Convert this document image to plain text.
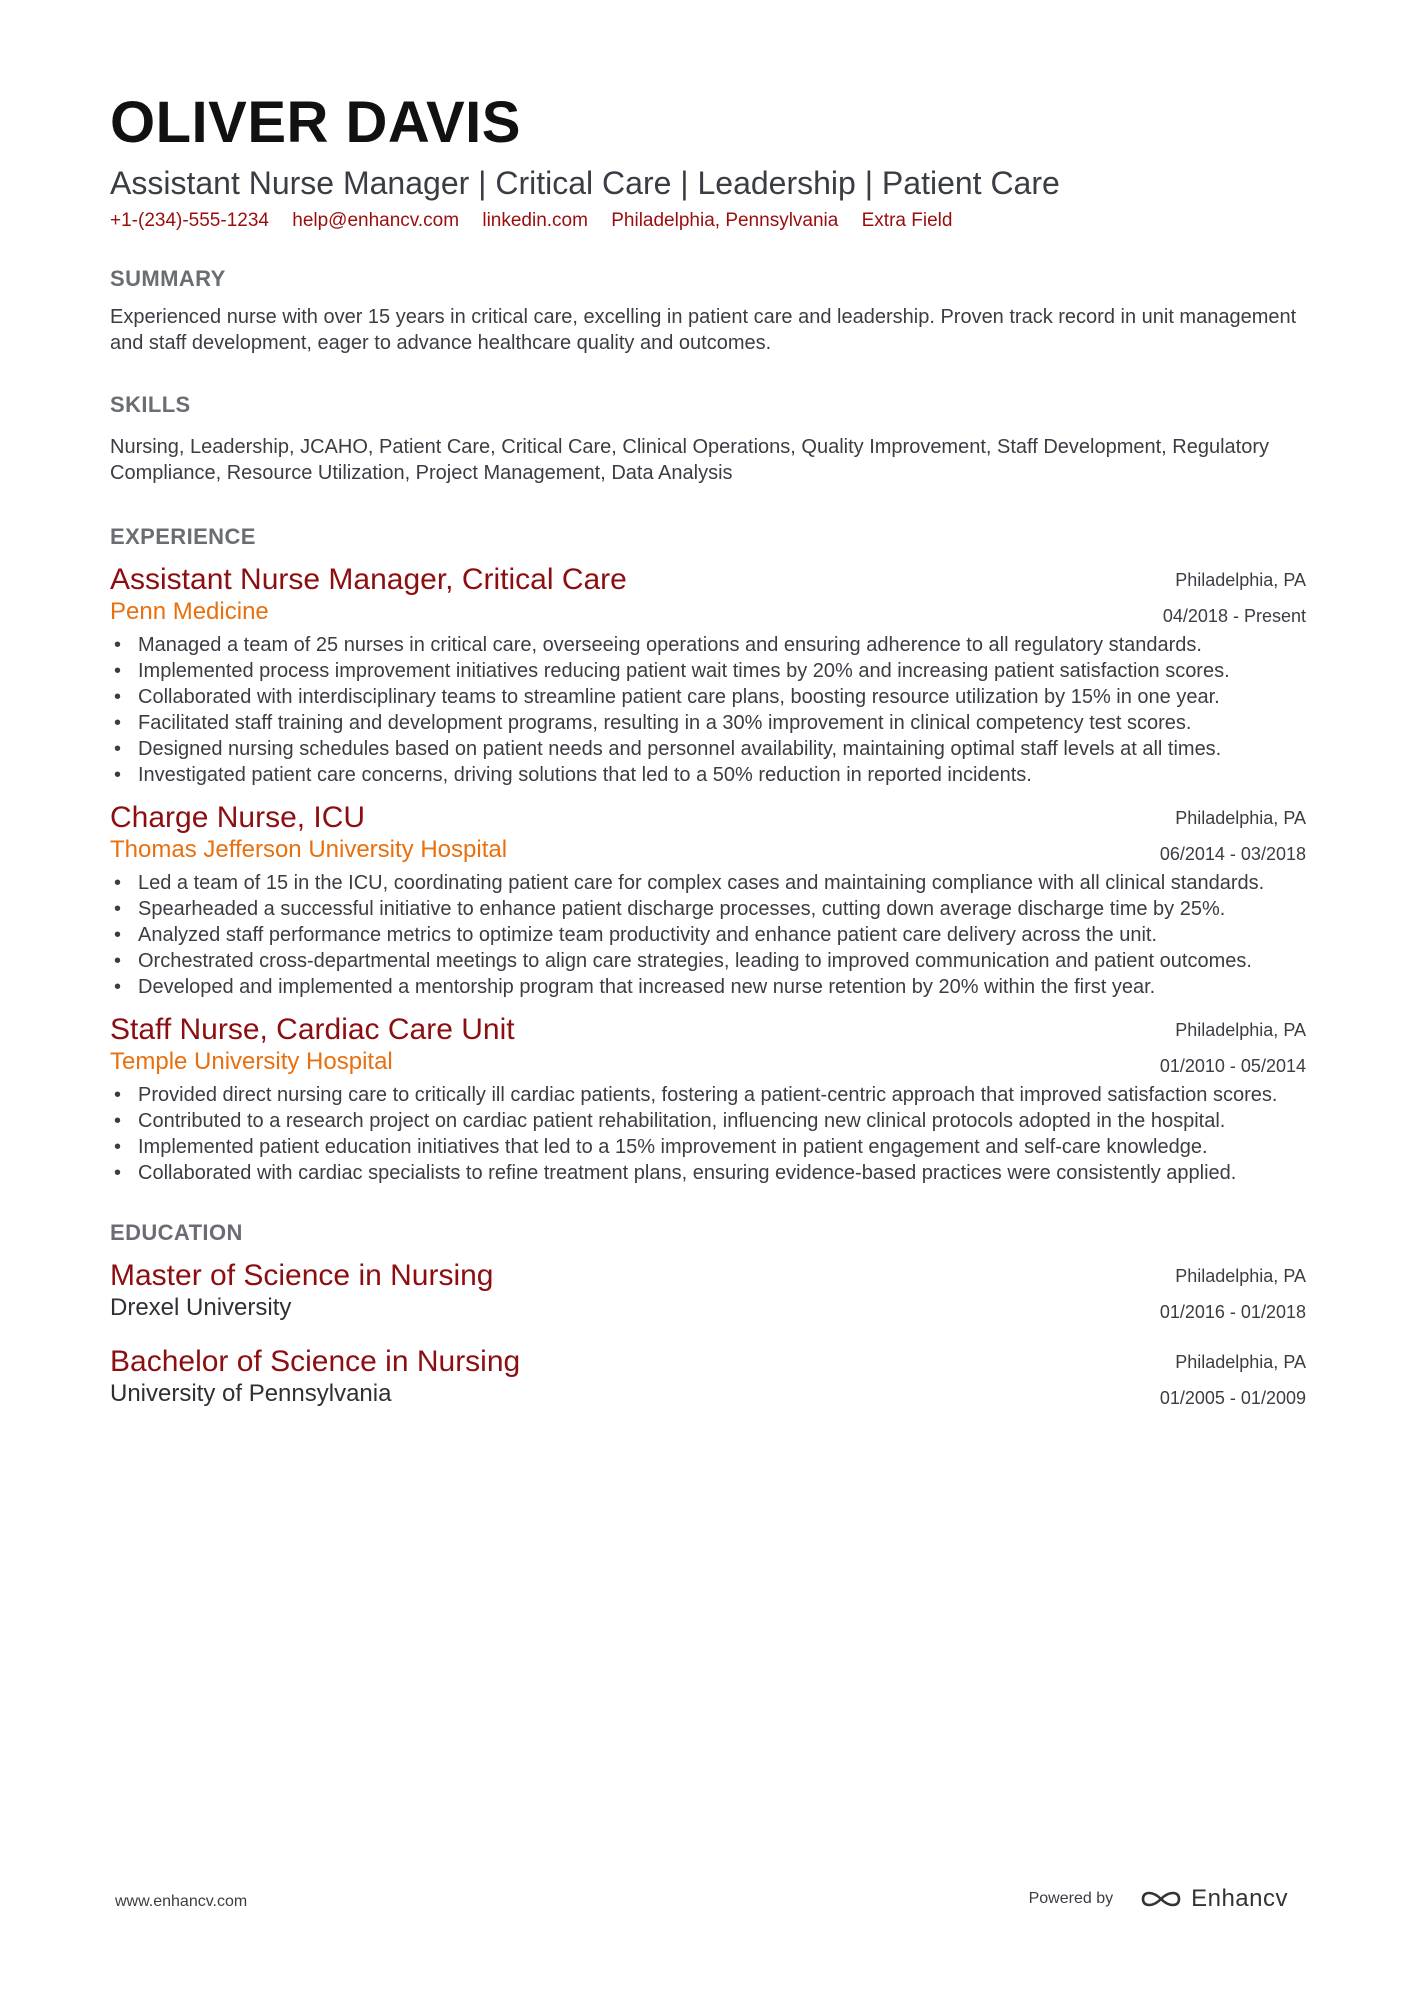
OLIVER DAVIS
Assistant Nurse Manager | Critical Care | Leadership | Patient Care
+1-(234)-555-1234 help@enhancv.com linkedin.com Philadelphia, Pennsylvania Extra Field
SUMMARY

Experienced nurse with over 15 years in critical care, excelling in patient care and leadership. Proven track record in unit management and staff development, eager to advance healthcare quality and outcomes.

SKILLS

Nursing, Leadership, JCAHO, Patient Care, Critical Care, Clinical Operations, Quality Improvement, Staff Development, Regulatory Compliance, Resource Utilization, Project Management, Data Analysis

EXPERIENCE
Assistant Nurse Manager, Critical Care
Penn Medicine
Philadelphia, PA
04/2018 - Present
• Managed a team of 25 nurses in critical care, overseeing operations and ensuring adherence to all regulatory standards.
• Implemented process improvement initiatives reducing patient wait times by 20% and increasing patient satisfaction scores.
• Collaborated with interdisciplinary teams to streamline patient care plans, boosting resource utilization by 15% in one year.
• Facilitated staff training and development programs, resulting in a 30% improvement in clinical competency test scores.
• Designed nursing schedules based on patient needs and personnel availability, maintaining optimal staff levels at all times.
• Investigated patient care concerns, driving solutions that led to a 50% reduction in reported incidents.
Charge Nurse, ICU
Thomas Jefferson University Hospital
Philadelphia, PA
06/2014 - 03/2018
• Led a team of 15 in the ICU, coordinating patient care for complex cases and maintaining compliance with all clinical standards.
• Spearheaded a successful initiative to enhance patient discharge processes, cutting down average discharge time by 25%.
• Analyzed staff performance metrics to optimize team productivity and enhance patient care delivery across the unit.
• Orchestrated cross-departmental meetings to align care strategies, leading to improved communication and patient outcomes.
• Developed and implemented a mentorship program that increased new nurse retention by 20% within the first year.
Staff Nurse, Cardiac Care Unit
Temple University Hospital
Philadelphia, PA
01/2010 - 05/2014
• Provided direct nursing care to critically ill cardiac patients, fostering a patient-centric approach that improved satisfaction scores.
• Contributed to a research project on cardiac patient rehabilitation, influencing new clinical protocols adopted in the hospital.
• Implemented patient education initiatives that led to a 15% improvement in patient engagement and self-care knowledge.
• Collaborated with cardiac specialists to refine treatment plans, ensuring evidence-based practices were consistently applied.
EDUCATION
Master of Science in Nursing
Drexel University
Philadelphia, PA
01/2016 - 01/2018
Bachelor of Science in Nursing
University of Pennsylvania
Philadelphia, PA
01/2005 - 01/2009
www.enhancv.com	Powered by	Enhancv
